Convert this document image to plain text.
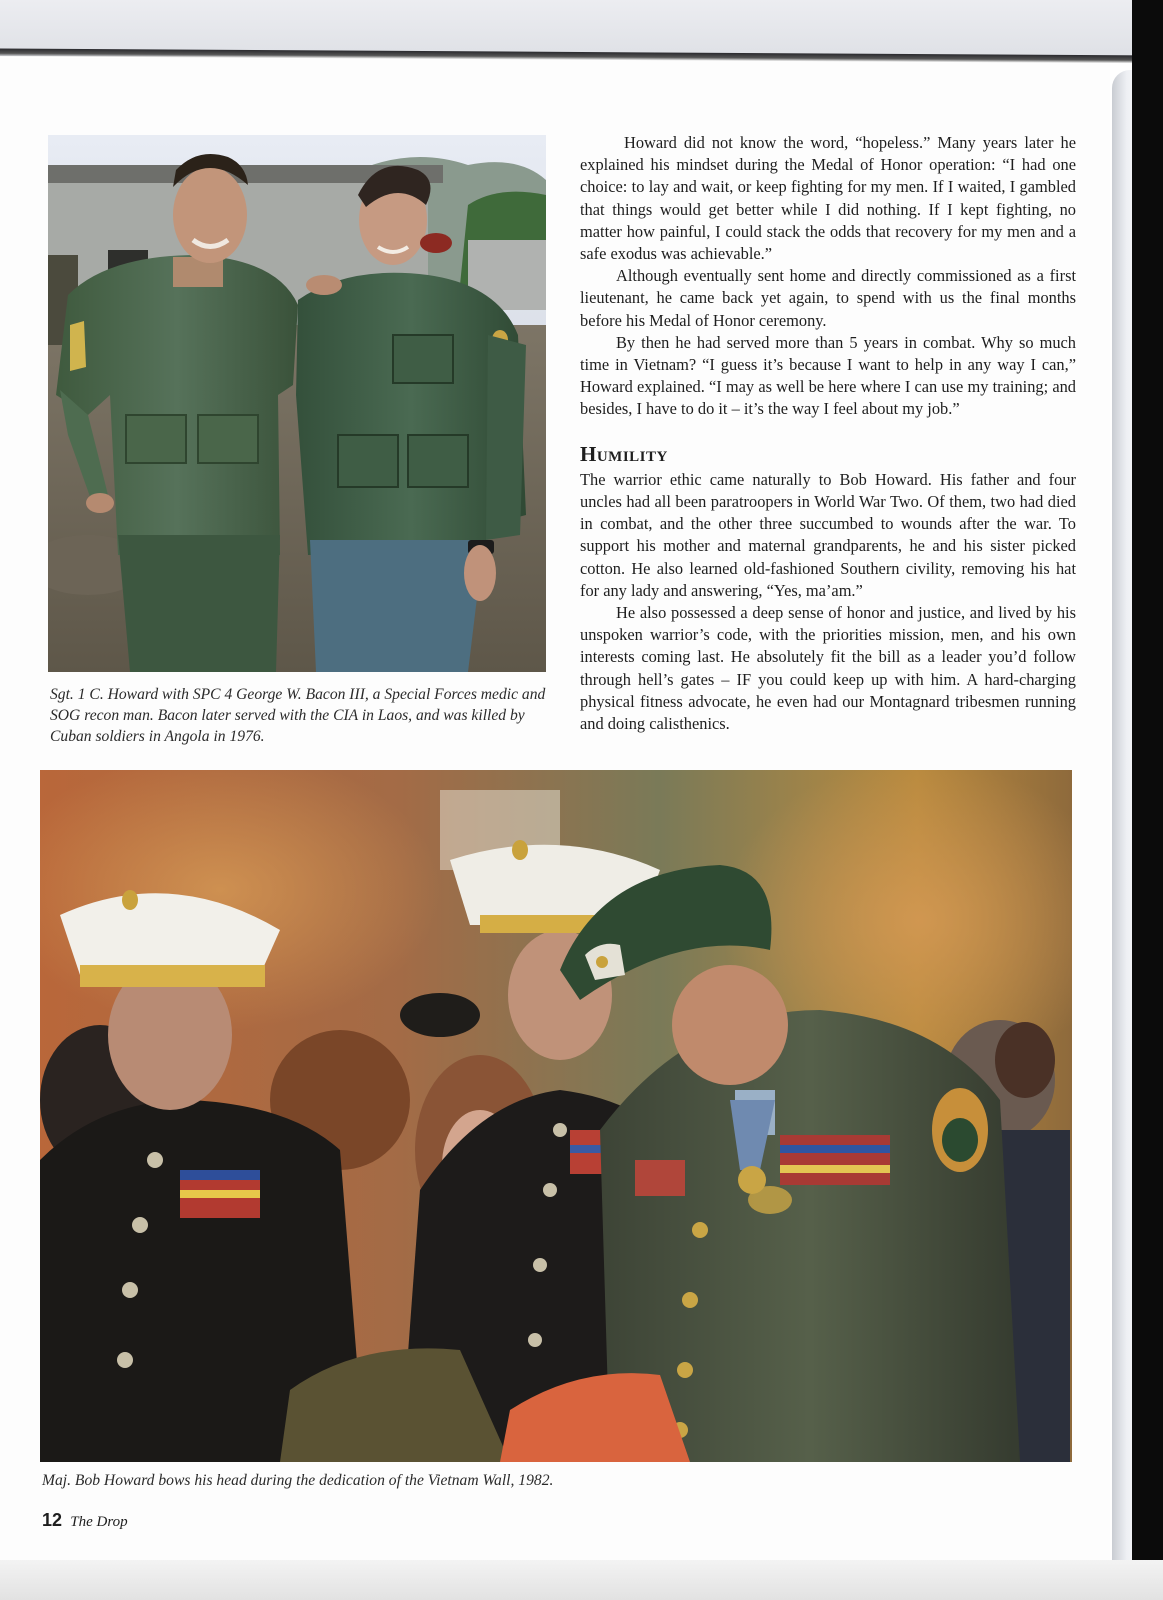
Sgt. 1 C. Howard with SPC 4 George W. Bacon III, a Special Forces medic and SOG recon man. Bacon later served with the CIA in Laos, and was killed by Cuban soldiers in Angola in 1976.

Howard did not know the word, “hopeless.” Many years later he explained his mindset during the Medal of Honor operation: “I had one choice: to lay and wait, or keep fighting for my men. If I waited, I gambled that things would get better while I did nothing. If I kept fighting, no matter how painful, I could stack the odds that recovery for my men and a safe exodus was achievable.”

Although eventually sent home and directly commissioned as a first lieutenant, he came back yet again, to spend with us the final months before his Medal of Honor ceremony.

By then he had served more than 5 years in combat. Why so much time in Vietnam? “I guess it’s because I want to help in any way I can,” Howard explained. “I may as well be here where I can use my training; and besides, I have to do it – it’s the way I feel about my job.”

Humility

The warrior ethic came naturally to Bob Howard. His father and four uncles had all been paratroopers in World War Two. Of them, two had died in combat, and the other three succumbed to wounds after the war. To support his mother and maternal grandparents, he and his sister picked cotton. He also learned old-fashioned Southern civility, removing his hat for any lady and answering, “Yes, ma’am.”

He also possessed a deep sense of honor and justice, and lived by his unspoken warrior’s code, with the priorities mission, men, and his own interests coming last. He absolutely fit the bill as a leader you’d follow through hell’s gates – IF you could keep up with him. A hard-charging physical fitness advocate, he even had our Montagnard tribesmen running and doing calisthenics.

Maj. Bob Howard bows his head during the dedication of the Vietnam Wall, 1982.
12 The Drop
